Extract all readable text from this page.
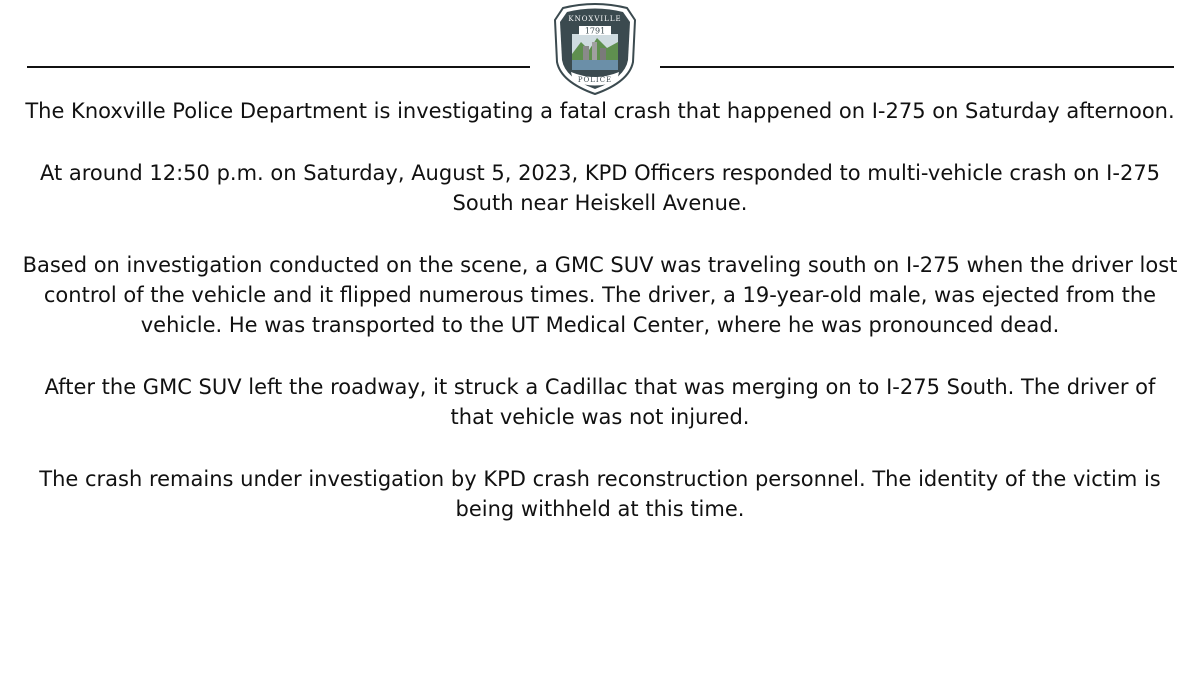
1791
KNOXVILLE
POLICE

The Knoxville Police Department is investigating a fatal crash that happened on I-275 on Saturday afternoon.

At around 12:50 p.m. on Saturday, August 5, 2023, KPD Officers responded to multi-vehicle crash on I-275 South near Heiskell Avenue.

Based on investigation conducted on the scene, a GMC SUV was traveling south on I-275 when the driver lost control of the vehicle and it flipped numerous times. The driver, a 19-year-old male, was ejected from the vehicle. He was transported to the UT Medical Center, where he was pronounced dead.

After the GMC SUV left the roadway, it struck a Cadillac that was merging on to I-275 South. The driver of that vehicle was not injured.

The crash remains under investigation by KPD crash reconstruction personnel. The identity of the victim is being withheld at this time.
